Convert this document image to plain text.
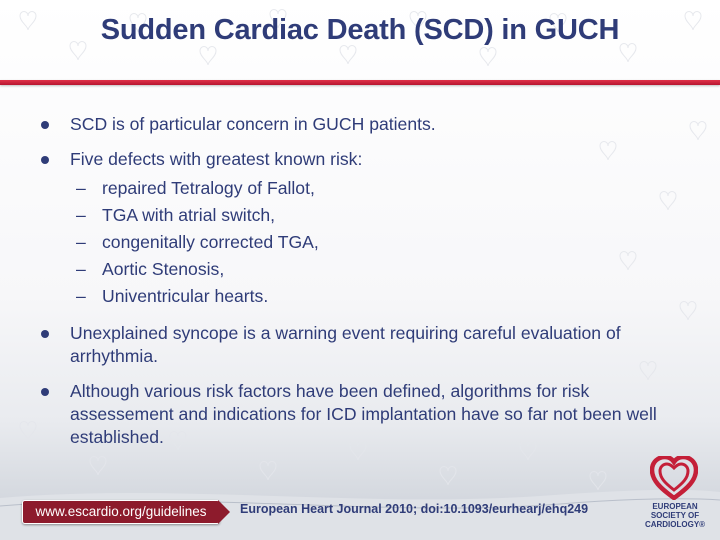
Sudden Cardiac Death (SCD) in GUCH
SCD is of particular concern in GUCH patients.
Five defects with greatest known risk:
– repaired Tetralogy of Fallot,
– TGA with atrial switch,
– congenitally corrected TGA,
– Aortic Stenosis,
– Univentricular hearts.
Unexplained syncope is a warning event requiring careful evaluation of arrhythmia.
Although various risk factors have been defined, algorithms for risk assessement and indications for ICD implantation have so far not been well established.
www.escardio.org/guidelines	European Heart Journal 2010; doi:10.1093/eurhearj/ehq249	EUROPEAN
SOCIETY OF
CARDIOLOGY®
